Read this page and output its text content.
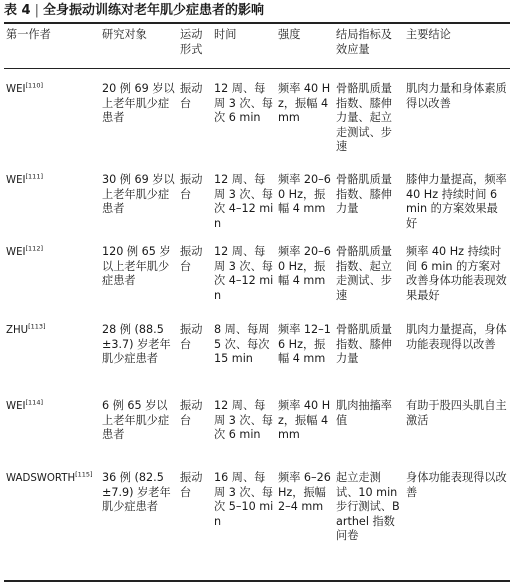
表 4 | 全身振动训练对老年肌少症患者的影响
第一作者	研究对象	运动形式	时间	强度	结局指标及效应量	主要结论
WEI[110]	20 例 69 岁以上老年肌少症患者	振动台	12 周、每周 3 次、每次 6 min	频率 40 Hz，振幅 4 mm	骨骼肌质量指数、膝伸力量、起立走测试、步速	肌肉力量和身体素质得以改善
WEI[111]	30 例 69 岁以上老年肌少症患者	振动台	12 周、每周 3 次、每次 4–12 min	频率 20–60 Hz，振幅 4 mm	骨骼肌质量指数、膝伸力量	膝伸力量提高，频率 40 Hz 持续时间 6 min 的方案效果最好
WEI[112]	120 例 65 岁以上老年肌少症患者	振动台	12 周、每周 3 次、每次 4–12 min	频率 20–60 Hz，振幅 4 mm	骨骼肌质量指数、起立走测试、步速	频率 40 Hz 持续时间 6 min 的方案对改善身体功能表现效果最好
ZHU[113]	28 例 (88.5±3.7) 岁老年肌少症患者	振动台	8 周、每周 5 次、每次 15 min	频率 12–16 Hz，振幅 4 mm	骨骼肌质量指数、膝伸力量	肌肉力量提高，身体功能表现得以改善
WEI[114]	6 例 65 岁以上老年肌少症患者	振动台	12 周、每周 3 次、每次 6 min	频率 40 Hz，振幅 4 mm	肌肉抽搐率值	有助于股四头肌自主激活
WADSWORTH[115]	36 例 (82.5±7.9) 岁老年肌少症患者	振动台	16 周、每周 3 次、每次 5–10 min	频率 6–26 Hz，振幅 2–4 mm	起立走测试、10 min 步行测试、Barthel 指数问卷	身体功能表现得以改善
